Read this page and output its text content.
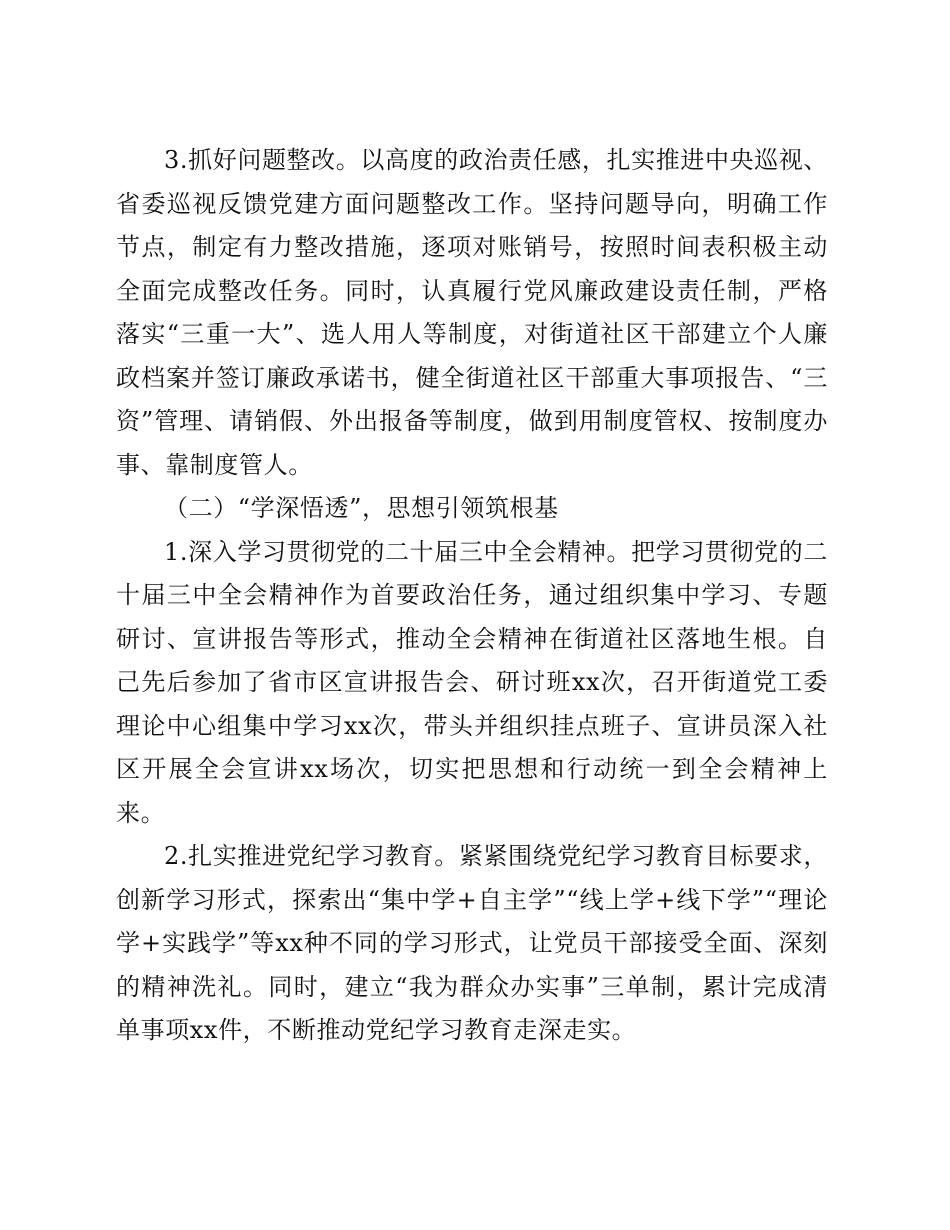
3.抓好问题整改。以高度的政治责任感，扎实推进中央巡视、省委巡视反馈党建方面问题整改工作。坚持问题导向，明确工作节点，制定有力整改措施，逐项对账销号，按照时间表积极主动全面完成整改任务。同时，认真履行党风廉政建设责任制，严格落实“三重一大”、选人用人等制度，对街道社区干部建立个人廉政档案并签订廉政承诺书，健全街道社区干部重大事项报告、“三资”管理、请销假、外出报备等制度，做到用制度管权、按制度办事、靠制度管人。

（二）“学深悟透”，思想引领筑根基

1.深入学习贯彻党的二十届三中全会精神。把学习贯彻党的二十届三中全会精神作为首要政治任务，通过组织集中学习、专题研讨、宣讲报告等形式，推动全会精神在街道社区落地生根。自己先后参加了省市区宣讲报告会、研讨班xx次，召开街道党工委理论中心组集中学习xx次，带头并组织挂点班子、宣讲员深入社区开展全会宣讲xx场次，切实把思想和行动统一到全会精神上来。

2.扎实推进党纪学习教育。紧紧围绕党纪学习教育目标要求，创新学习形式，探索出“集中学+自主学”“线上学+线下学”“理论学+实践学”等xx种不同的学习形式，让党员干部接受全面、深刻的精神洗礼。同时，建立“我为群众办实事”三单制，累计完成清单事项xx件，不断推动党纪学习教育走深走实。
